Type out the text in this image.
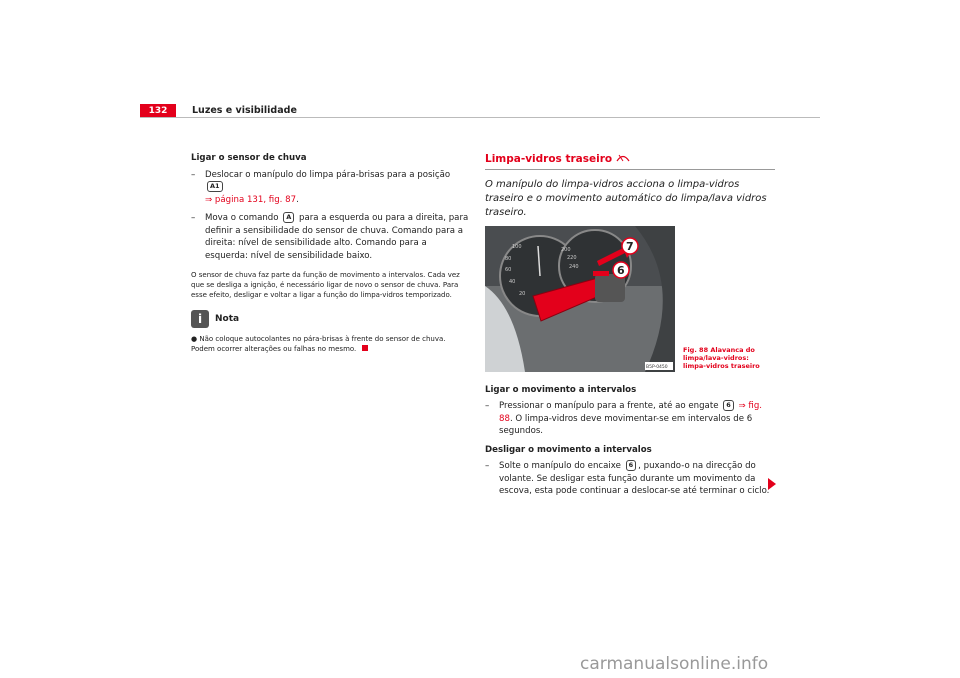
132	Luzes e visibilidade
Ligar o sensor de chuva
–	Deslocar o manípulo do limpa pára-brisas para a posição A1
⇒ página 131, fig. 87.
–	Mova o comando A para a esquerda ou para a direita, para definir a sensibilidade do sensor de chuva. Comando para a direita: nível de sensibilidade alto. Comando para a esquerda: nível de sensibilidade baixo.
O sensor de chuva faz parte da função de movimento a intervalos. Cada vez que se desliga a ignição, é necessário ligar de novo o sensor de chuva. Para esse efeito, desligar e voltar a ligar a função do limpa-vidros temporizado.
i	Nota
● Não coloque autocolantes no pára-brisas à frente do sensor de chuva. Podem ocorrer alterações ou falhas no mesmo.
Limpa-vidros traseiro
O manípulo do limpa-vidros acciona o limpa-vidros traseiro e o movimento automático do limpa/lava vidros traseiro.
100
80
60
40
20
200
220
240
7
6
B5P-0450
Fig. 88 Alavanca do limpa/lava-vidros: limpa-vidros traseiro
Ligar o movimento a intervalos
–	Pressionar o manípulo para a frente, até ao engate 6 ⇒ fig. 88. O limpa-vidros deve movimentar-se em intervalos de 6 segundos.
Desligar o movimento a intervalos
–	Solte o manípulo do encaixe 6 , puxando-o na direcção do volante. Se desligar esta função durante um movimento da escova, esta pode continuar a deslocar-se até terminar o ciclo.
carmanualsonline.info
